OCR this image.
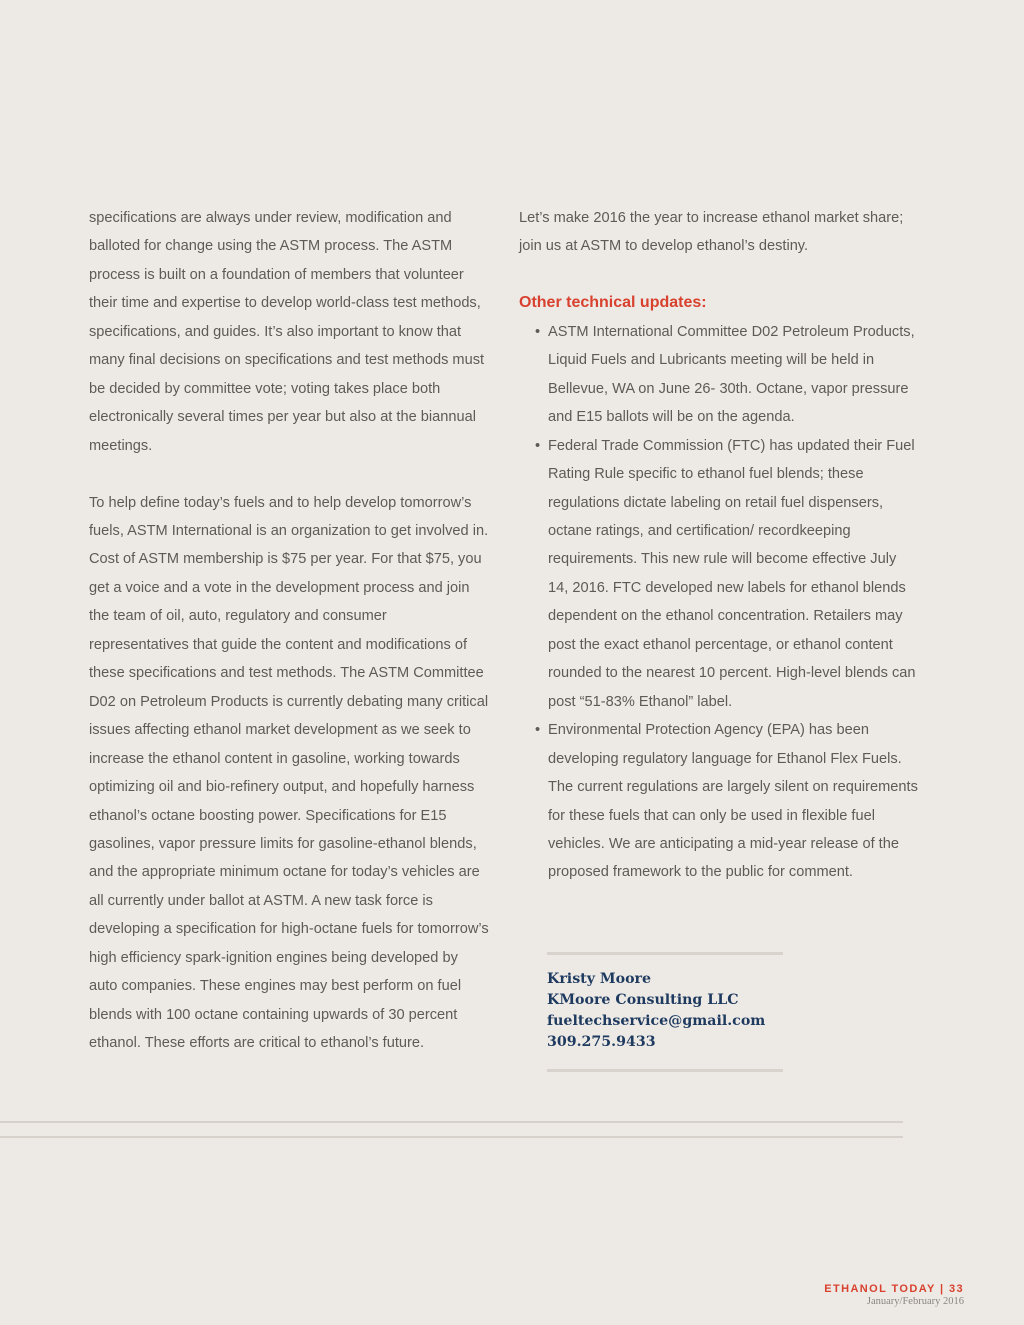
specifications are always under review, modification and balloted for change using the ASTM process. The ASTM process is built on a foundation of members that volunteer their time and expertise to develop world-class test methods, specifications, and guides. It’s also important to know that many final decisions on specifications and test methods must be decided by committee vote; voting takes place both electronically several times per year but also at the biannual meetings.

To help define today’s fuels and to help develop tomorrow’s fuels, ASTM International is an organization to get involved in. Cost of ASTM membership is $75 per year. For that $75, you get a voice and a vote in the development process and join the team of oil, auto, regulatory and consumer representatives that guide the content and modifications of these specifications and test methods. The ASTM Committee D02 on Petroleum Products is currently debating many critical issues affecting ethanol market development as we seek to increase the ethanol content in gasoline, working towards optimizing oil and bio-refinery output, and hopefully harness ethanol’s octane boosting power. Specifications for E15 gasolines, vapor pressure limits for gasoline-ethanol blends, and the appropriate minimum octane for today’s vehicles are all currently under ballot at ASTM. A new task force is developing a specification for high-octane fuels for tomorrow’s high efficiency spark-ignition engines being developed by auto companies. These engines may best perform on fuel blends with 100 octane containing upwards of 30 percent ethanol. These efforts are critical to ethanol’s future.

Let’s make 2016 the year to increase ethanol market share; join us at ASTM to develop ethanol’s destiny.

Other technical updates:
• ASTM International Committee D02 Petroleum Products, Liquid Fuels and Lubricants meeting will be held in Bellevue, WA on June 26- 30th. Octane, vapor pressure and E15 ballots will be on the agenda.
• Federal Trade Commission (FTC) has updated their Fuel Rating Rule specific to ethanol fuel blends; these regulations dictate labeling on retail fuel dispensers, octane ratings, and certification/ recordkeeping requirements. This new rule will become effective July 14, 2016. FTC developed new labels for ethanol blends dependent on the ethanol concentration. Retailers may post the exact ethanol percentage, or ethanol content rounded to the nearest 10 percent. High-level blends can post “51-83% Ethanol” label.
• Environmental Protection Agency (EPA) has been developing regulatory language for Ethanol Flex Fuels. The current regulations are largely silent on requirements for these fuels that can only be used in flexible fuel vehicles. We are anticipating a mid-year release of the proposed framework to the public for comment.
Kristy Moore
KMoore Consulting LLC
fueltechservice@gmail.com
309.275.9433
ETHANOL TODAY | 33
January/February 2016
